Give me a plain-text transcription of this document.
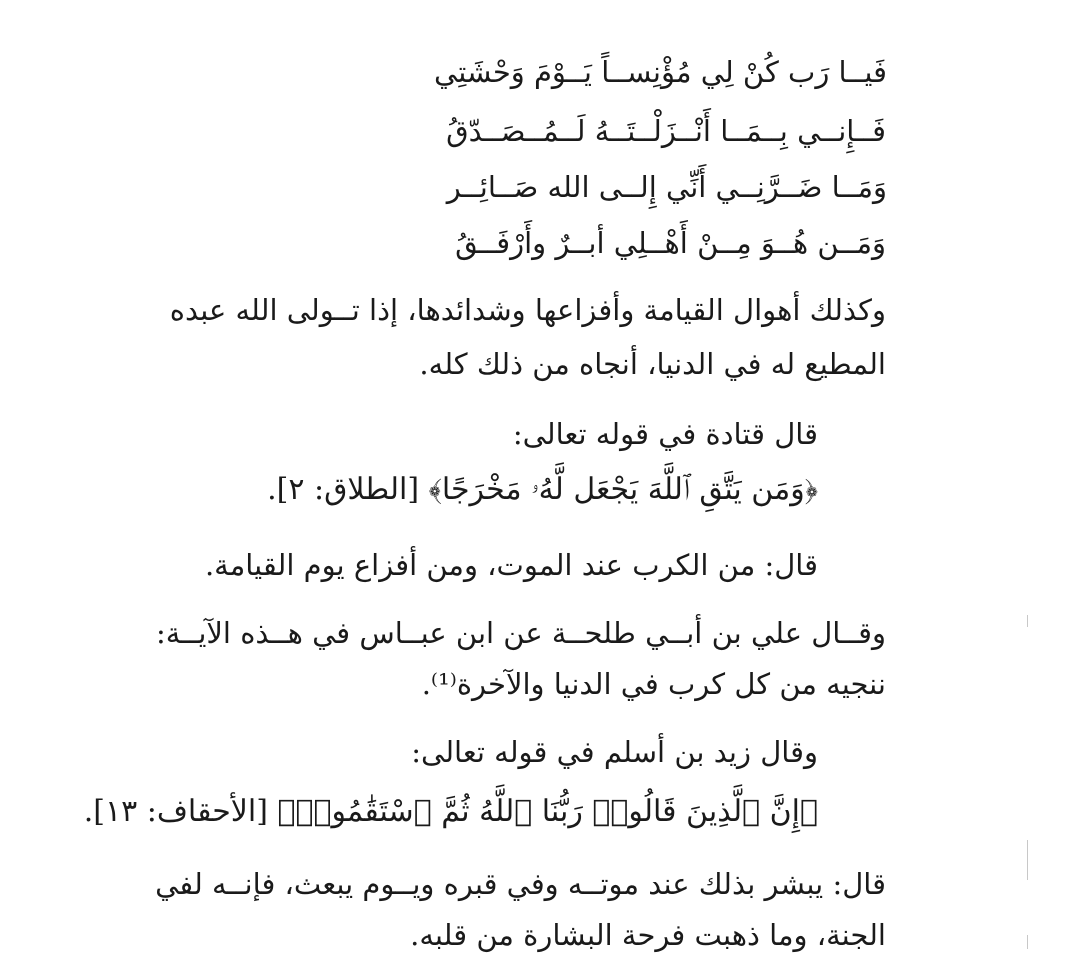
فَيــا رَب كُنْ لِي مُؤْنِســاً يَــوْمَ وَحْشَتِي
فَــإِنــي بِــمَــا أَنْــزَلْــتَــهُ لَــمُــصَــدّقُ
وَمَــا ضَــرَّنِــي أَنِّي إِلــى الله صَــائِــر
وَمَــن هُــوَ مِــنْ أَهْــلِي أبــرٌ وأَرْفَــقُ
وكذلك أهوال القيامة وأفزاعها وشدائدها، إذا تــولى الله عبده
المطيع له في الدنيا، أنجاه من ذلك كله.
قال قتادة في قوله تعالى:
﴿وَمَن يَتَّقِ ٱللَّهَ يَجْعَل لَّهُۥ مَخْرَجًا﴾ [الطلاق: ٢].
قال: من الكرب عند الموت، ومن أفزاع يوم القيامة.
وقــال علي بن أبــي طلحــة عن ابن عبــاس في هــذه الآيــة:
ننجيه من كل كرب في الدنيا والآخرة⁽¹⁾.
وقال زيد بن أسلم في قوله تعالى:
﴿إِنَّ ٱلَّذِينَ قَالُوا۟ رَبُّنَا ٱللَّهُ ثُمَّ ٱسْتَقَٰمُوا۟﴾ [الأحقاف: ١٣].
قال: يبشر بذلك عند موتــه وفي قبره ويــوم يبعث، فإنــه لفي
الجنة، وما ذهبت فرحة البشارة من قلبه.
